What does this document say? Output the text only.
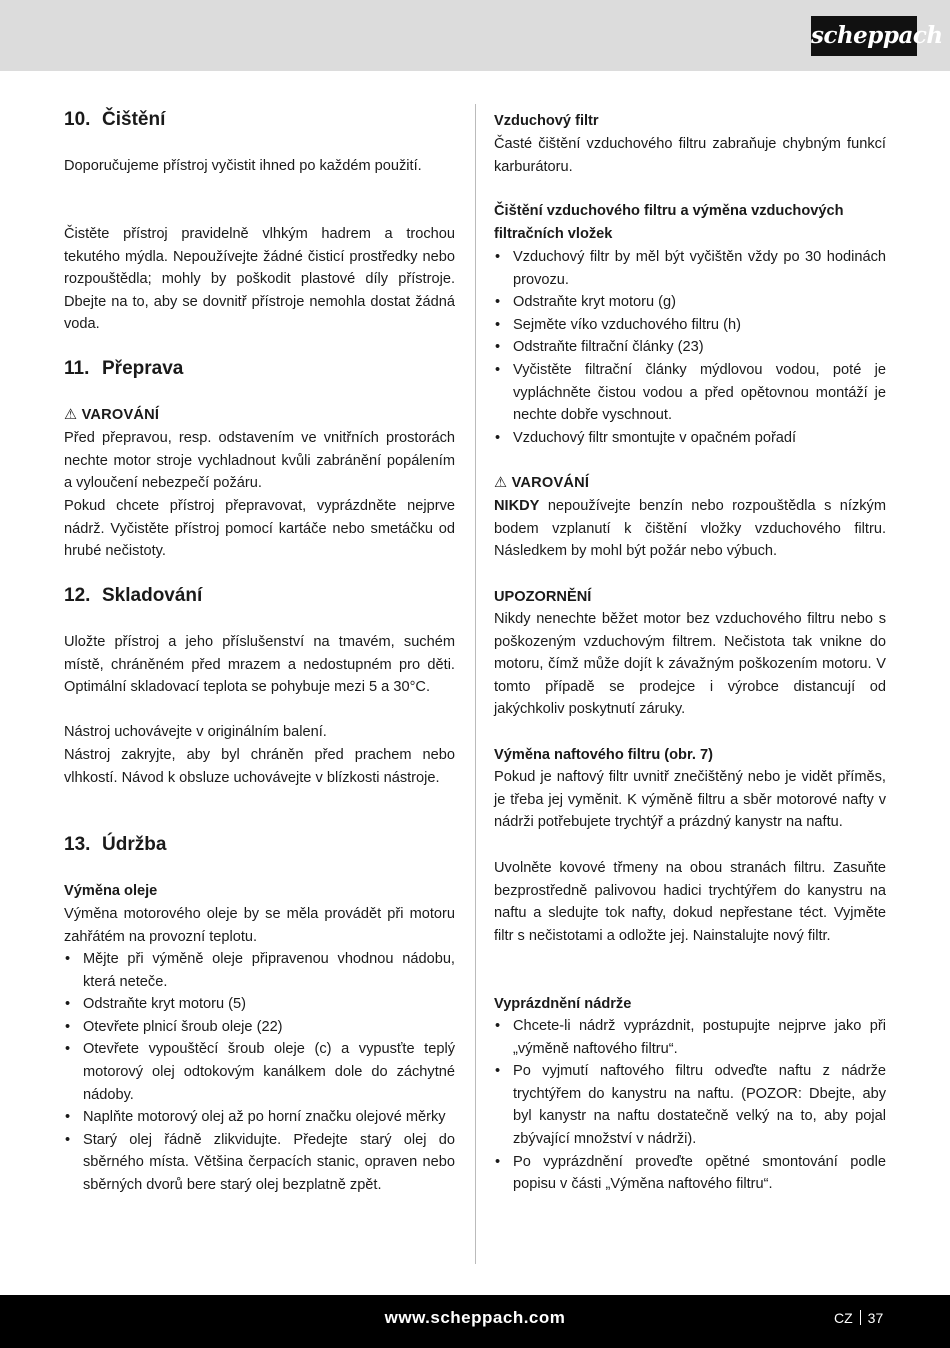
scheppach
10. Čištění

Doporučujeme přístroj vyčistit ihned po každém použití.

Čistěte přístroj pravidelně vlhkým hadrem a trochou tekutého mýdla. Nepoužívejte žádné čisticí prostředky nebo rozpouštědla; mohly by poškodit plastové díly přístroje. Dbejte na to, aby se dovnitř přístroje nemohla dostat žádná voda.

11. Přeprava
⚠ VAROVÁNÍ

Před přepravou, resp. odstavením ve vnitřních prostorách nechte motor stroje vychladnout kvůli zabránění popálením a vyloučení nebezpečí požáru.

Pokud chcete přístroj přepravovat, vyprázdněte nejprve nádrž. Vyčistěte přístroj pomocí kartáče nebo smetáčku od hrubé nečistoty.

12. Skladování

Uložte přístroj a jeho příslušenství na tmavém, suchém místě, chráněném před mrazem a nedostupném pro děti. Optimální skladovací teplota se pohybuje mezi 5 a 30°C.

Nástroj uchovávejte v originálním balení.

Nástroj zakryjte, aby byl chráněn před prachem nebo vlhkostí. Návod k obsluze uchovávejte v blízkosti nástroje.

13. Údržba
Výměna oleje

Výměna motorového oleje by se měla provádět při motoru zahřátém na provozní teplotu.

• Mějte při výměně oleje připravenou vhodnou nádobu, která neteče.
• Odstraňte kryt motoru (5)
• Otevřete plnicí šroub oleje (22)
• Otevřete vypouštěcí šroub oleje (c) a vypusťte teplý motorový olej odtokovým kanálkem dole do záchytné nádoby.
• Naplňte motorový olej až po horní značku olejové měrky
• Starý olej řádně zlikvidujte. Předejte starý olej do sběrného místa. Většina čerpacích stanic, opraven nebo sběrných dvorů bere starý olej bezplatně zpět.
Vzduchový filtr

Časté čištění vzduchového filtru zabraňuje chybným funkcí karburátoru.

Čištění vzduchového filtru a výměna vzduchových filtračních vložek
• Vzduchový filtr by měl být vyčištěn vždy po 30 hodinách provozu.
• Odstraňte kryt motoru (g)
• Sejměte víko vzduchového filtru (h)
• Odstraňte filtrační články (23)
• Vyčistěte filtrační články mýdlovou vodou, poté je vypláchněte čistou vodou a před opětovnou montáží je nechte dobře vyschnout.
• Vzduchový filtr smontujte v opačném pořadí
⚠ VAROVÁNÍ

NIKDY nepoužívejte benzín nebo rozpouštědla s nízkým bodem vzplanutí k čištění vložky vzduchového filtru. Následkem by mohl být požár nebo výbuch.

UPOZORNĚNÍ

Nikdy nenechte běžet motor bez vzduchového filtru nebo s poškozeným vzduchovým filtrem. Nečistota tak vnikne do motoru, čímž může dojít k závažným poškozením motoru. V tomto případě se prodejce i výrobce distancují od jakýchkoliv poskytnutí záruky.

Výměna naftového filtru (obr. 7)

Pokud je naftový filtr uvnitř znečištěný nebo je vidět příměs, je třeba jej vyměnit. K výměně filtru a sběr motorové nafty v nádrži potřebujete trychtýř a prázdný kanystr na naftu.

Uvolněte kovové třmeny na obou stranách filtru. Zasuňte bezprostředně palivovou hadici trychtýřem do kanystru na naftu a sledujte tok nafty, dokud nepřestane téct. Vyjměte filtr s nečistotami a odložte jej. Nainstalujte nový filtr.

Vyprázdnění nádrže
• Chcete-li nádrž vyprázdnit, postupujte nejprve jako při „výměně naftového filtru“.
• Po vyjmutí naftového filtru odveďte naftu z nádrže trychtýřem do kanystru na naftu. (POZOR: Dbejte, aby byl kanystr na naftu dostatečně velký na to, aby pojal zbývající množství v nádrži).
• Po vyprázdnění proveďte opětné smontování podle popisu v části „Výměna naftového filtru“.
www.scheppach.com	CZ 37
